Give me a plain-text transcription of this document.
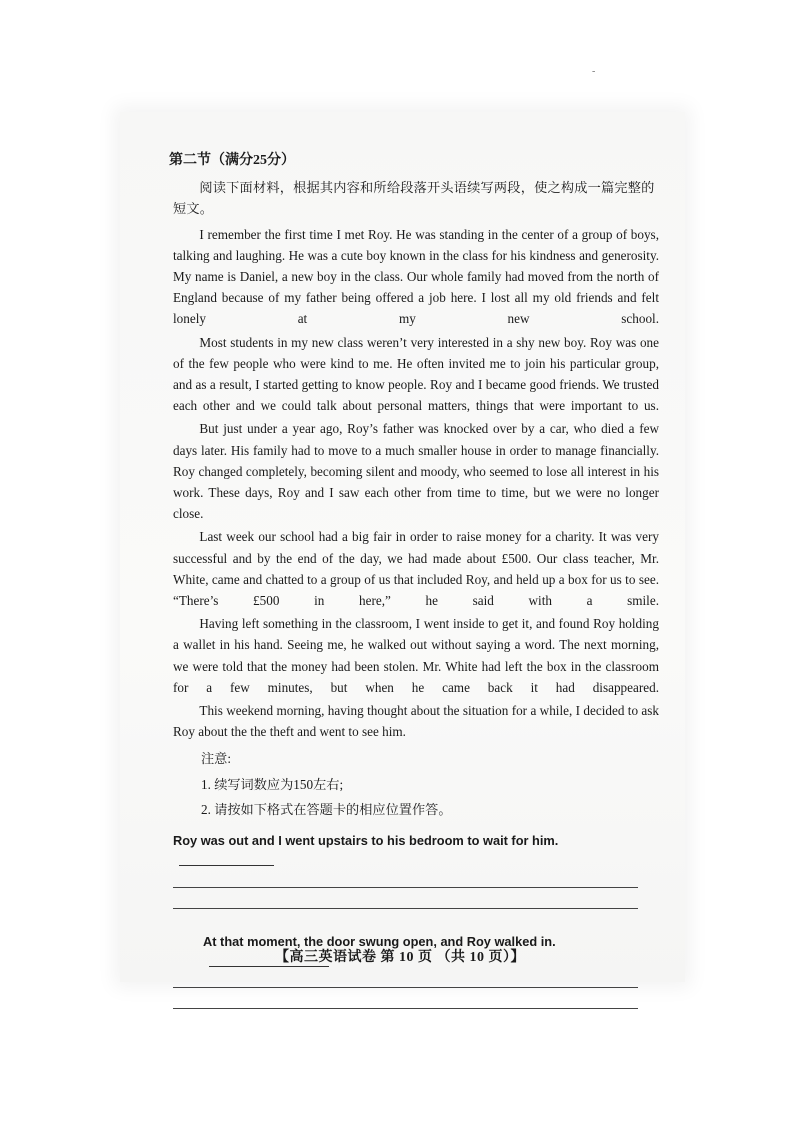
-
第二节（满分25分）

阅读下面材料，根据其内容和所给段落开头语续写两段，使之构成一篇完整的短文。

I remember the first time I met Roy. He was standing in the center of a group of boys, talking and laughing. He was a cute boy known in the class for his kindness and generosity. My name is Daniel, a new boy in the class. Our whole family had moved from the north of England because of my father being offered a job here. I lost all my old friends and felt lonely at my new school.

Most students in my new class weren’t very interested in a shy new boy. Roy was one of the few people who were kind to me. He often invited me to join his particular group, and as a result, I started getting to know people. Roy and I became good friends. We trusted each other and we could talk about personal matters, things that were important to us.

But just under a year ago, Roy’s father was knocked over by a car, who died a few days later. His family had to move to a much smaller house in order to manage financially. Roy changed completely, becoming silent and moody, who seemed to lose all interest in his work. These days, Roy and I saw each other from time to time, but we were no longer close.

Last week our school had a big fair in order to raise money for a charity. It was very successful and by the end of the day, we had made about £500. Our class teacher, Mr. White, came and chatted to a group of us that included Roy, and held up a box for us to see. “There’s £500 in here,” he said with a smile.

Having left something in the classroom, I went inside to get it, and found Roy holding a wallet in his hand. Seeing me, he walked out without saying a word. The next morning, we were told that the money had been stolen. Mr. White had left the box in the classroom for a few minutes, but when he came back it had disappeared.

This weekend morning, having thought about the situation for a while, I decided to ask Roy about the the theft and went to see him.

注意:
1. 续写词数应为150左右;
2. 请按如下格式在答题卡的相应位置作答。
Roy was out and I went upstairs to his bedroom to wait for him.
At that moment, the door swung open, and Roy walked in.
【高三英语试卷 第 10 页 （共 10 页）】
